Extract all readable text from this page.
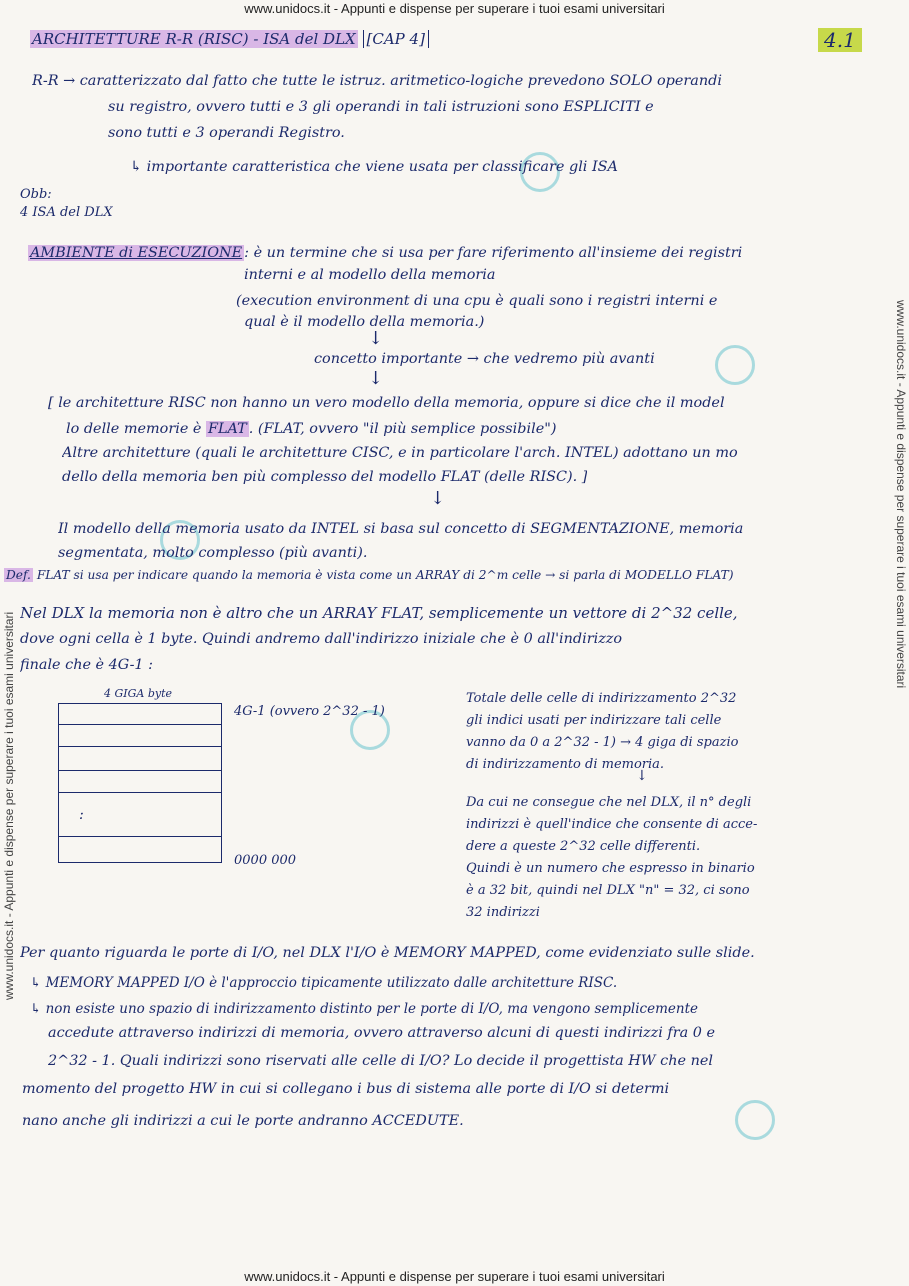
www.unidocs.it - Appunti e dispense per superare i tuoi esami universitari
www.unidocs.it - Appunti e dispense per superare i tuoi esami universitari
www.unidocs.it - Appunti e dispense per superare i tuoi esami universitari
www.unidocs.it - Appunti e dispense per superare i tuoi esami universitari
ARCHITETTURE R-R (RISC) - ISA del DLX [CAP 4]	4.1
R-R → caratterizzato dal fatto che tutte le istruz. aritmetico-logiche prevedono SOLO operandi
su registro, ovvero tutti e 3 gli operandi in tali istruzioni sono ESPLICITI e
sono tutti e 3 operandi Registro.
↳ importante caratteristica che viene usata per classificare gli ISA
Obb:
4 ISA del DLX
AMBIENTE di ESECUZIONE : è un termine che si usa per fare riferimento all'insieme dei registri
interni e al modello della memoria
(execution environment di una cpu è quali sono i registri interni e
qual è il modello della memoria.)
↓
concetto importante → che vedremo più avanti
↓
[ le architetture RISC non hanno un vero modello della memoria, oppure si dice che il model
lo delle memorie è FLAT . (FLAT, ovvero "il più semplice possibile")
Altre architetture (quali le architetture CISC, e in particolare l'arch. INTEL) adottano un mo
dello della memoria ben più complesso del modello FLAT (delle RISC). ]
↓
Il modello della memoria usato da INTEL si basa sul concetto di SEGMENTAZIONE, memoria
segmentata, molto complesso (più avanti).
Def. FLAT si usa per indicare quando la memoria è vista come un ARRAY di 2^m celle → si parla di MODELLO FLAT)
Nel DLX la memoria non è altro che un ARRAY FLAT, semplicemente un vettore di 2^32 celle,
dove ogni cella è 1 byte. Quindi andremo dall'indirizzo iniziale che è 0 all'indirizzo
finale che è 4G-1 :
4 GIGA byte
:
4G-1 (ovvero 2^32 - 1)
0000 000
Totale delle celle di indirizzamento 2^32
gli indici usati per indirizzare tali celle
vanno da 0 a 2^32 - 1) → 4 giga di spazio
di indirizzamento di memoria.
↓
Da cui ne consegue che nel DLX, il n° degli
indirizzi è quell'indice che consente di acce-
dere a queste 2^32 celle differenti.
Quindi è un numero che espresso in binario
è a 32 bit, quindi nel DLX "n" = 32, ci sono
32 indirizzi
Per quanto riguarda le porte di I/O, nel DLX l'I/O è MEMORY MAPPED, come evidenziato sulle slide.
↳ MEMORY MAPPED I/O è l'approccio tipicamente utilizzato dalle architetture RISC.
↳ non esiste uno spazio di indirizzamento distinto per le porte di I/O, ma vengono semplicemente
accedute attraverso indirizzi di memoria, ovvero attraverso alcuni di questi indirizzi fra 0 e
2^32 - 1. Quali indirizzi sono riservati alle celle di I/O? Lo decide il progettista HW che nel
momento del progetto HW in cui si collegano i bus di sistema alle porte di I/O si determi
nano anche gli indirizzi a cui le porte andranno ACCEDUTE.
